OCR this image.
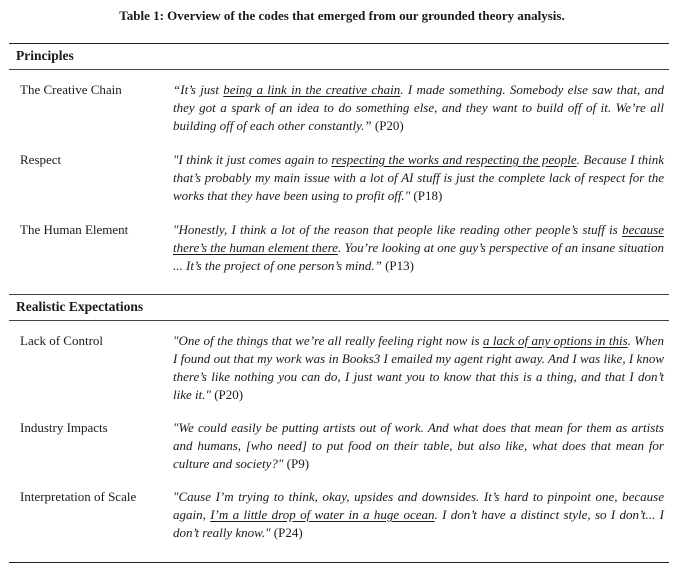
Table 1: Overview of the codes that emerged from our grounded theory analysis.
Principles
The Creative Chain	“It’s just being a link in the creative chain. I made something. Somebody else saw that, and they got a spark of an idea to do something else, and they want to build off of it. We’re all building off of each other constantly.” (P20)
Respect	"I think it just comes again to respecting the works and respecting the people. Because I think that’s probably my main issue with a lot of AI stuff is just the complete lack of respect for the works that they have been using to profit off." (P18)
The Human Element	"Honestly, I think a lot of the reason that people like reading other people’s stuff is because there’s the human element there. You’re looking at one guy’s perspective of an insane situation ... It’s the project of one person’s mind.” (P13)
Realistic Expectations
Lack of Control	"One of the things that we’re all really feeling right now is a lack of any options in this. When I found out that my work was in Books3 I emailed my agent right away. And I was like, I know there’s like nothing you can do, I just want you to know that this is a thing, and that I don’t like it." (P20)
Industry Impacts	"We could easily be putting artists out of work. And what does that mean for them as artists and humans, [who need] to put food on their table, but also like, what does that mean for culture and society?" (P9)
Interpretation of Scale	"Cause I’m trying to think, okay, upsides and downsides. It’s hard to pinpoint one, because again, I’m a little drop of water in a huge ocean. I don’t have a distinct style, so I don’t... I don’t really know." (P24)
